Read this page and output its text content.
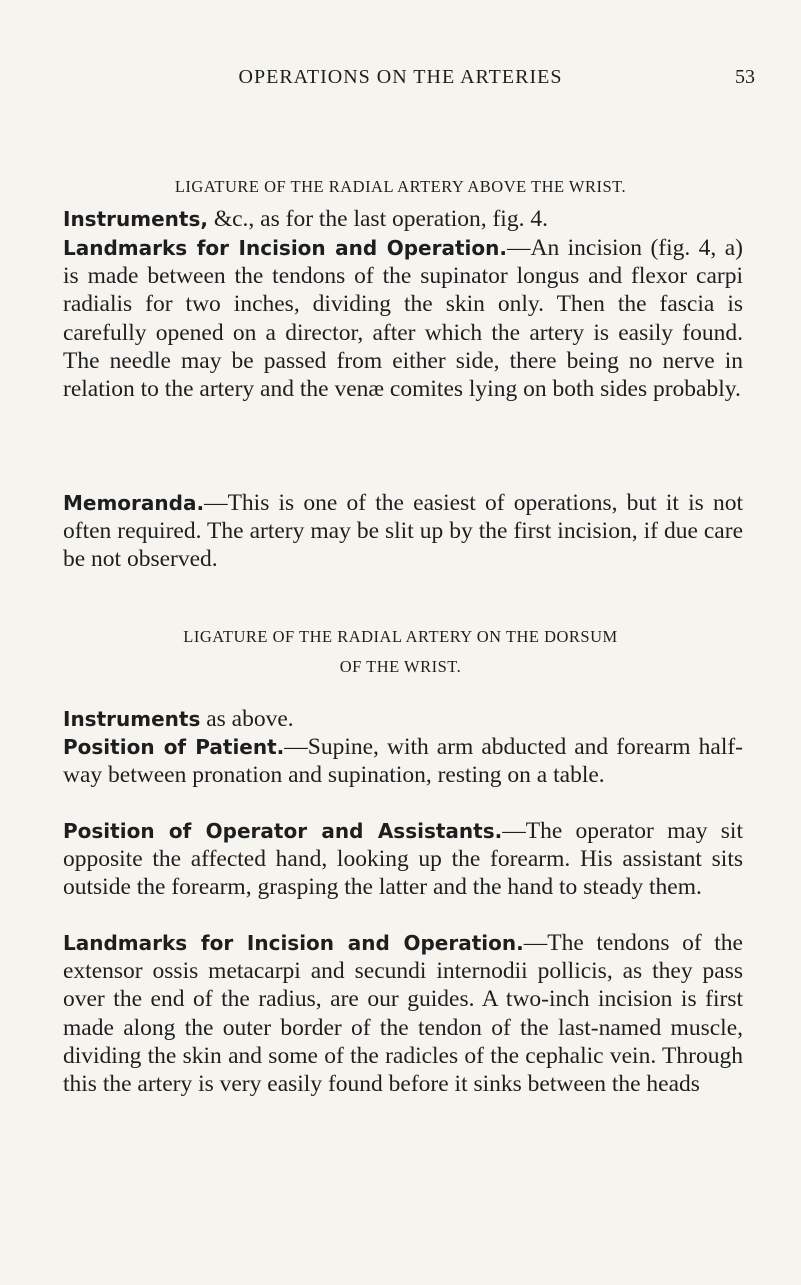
OPERATIONS ON THE ARTERIES	53
LIGATURE OF THE RADIAL ARTERY ABOVE THE WRIST.
Instruments, &c., as for the last operation, fig. 4.
Landmarks for Incision and Operation.—An incision (fig. 4, a) is made between the tendons of the supinator longus and flexor carpi radialis for two inches, dividing the skin only. Then the fascia is carefully opened on a director, after which the artery is easily found. The needle may be passed from either side, there being no nerve in relation to the artery and the venæ comites lying on both sides probably.
Memoranda.—This is one of the easiest of operations, but it is not often required. The artery may be slit up by the first incision, if due care be not observed.
LIGATURE OF THE RADIAL ARTERY ON THE DORSUM
OF THE WRIST.
Instruments as above.
Position of Patient.—Supine, with arm abducted and forearm half-way between pronation and supination, resting on a table.
Position of Operator and Assistants.—The operator may sit opposite the affected hand, looking up the forearm. His assistant sits outside the forearm, grasping the latter and the hand to steady them.
Landmarks for Incision and Operation.—The tendons of the extensor ossis metacarpi and secundi internodii pollicis, as they pass over the end of the radius, are our guides. A two-inch incision is first made along the outer border of the tendon of the last-named muscle, dividing the skin and some of the radicles of the cephalic vein. Through this the artery is very easily found before it sinks between the heads
